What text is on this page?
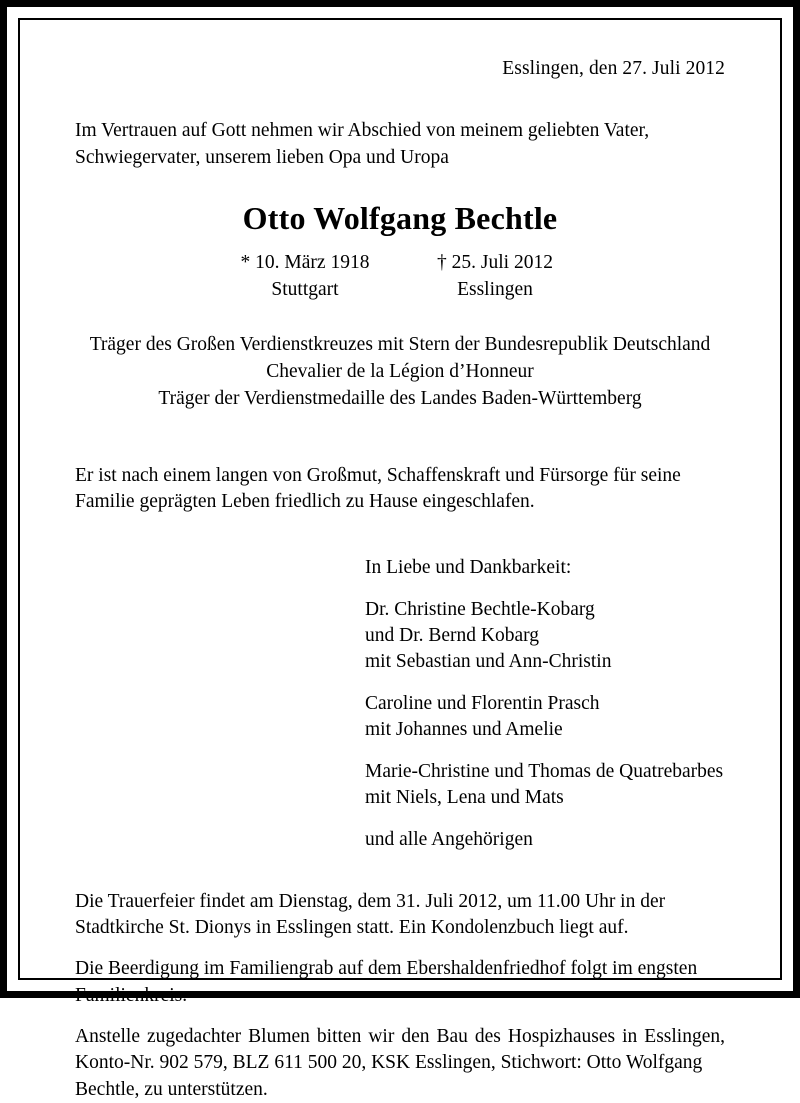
Esslingen, den 27. Juli 2012
Im Vertrauen auf Gott nehmen wir Abschied von meinem geliebten Vater,
Schwiegervater, unserem lieben Opa und Uropa
Otto Wolfgang Bechtle
* 10. März 1918
Stuttgart
† 25. Juli 2012
Esslingen
Träger des Großen Verdienstkreuzes mit Stern der Bundesrepublik Deutschland
Chevalier de la Légion d’Honneur
Träger der Verdienstmedaille des Landes Baden-Württemberg
Er ist nach einem langen von Großmut, Schaffenskraft und Fürsorge für seine
Familie geprägten Leben friedlich zu Hause eingeschlafen.
In Liebe und Dankbarkeit:
Dr. Christine Bechtle-Kobarg
und Dr. Bernd Kobarg
mit Sebastian und Ann-Christin
Caroline und Florentin Prasch
mit Johannes und Amelie
Marie-Christine und Thomas de Quatrebarbes
mit Niels, Lena und Mats
und alle Angehörigen

Die Trauerfeier findet am Dienstag, dem 31. Juli 2012, um 11.00 Uhr in der
Stadtkirche St. Dionys in Esslingen statt. Ein Kondolenzbuch liegt auf.

Die Beerdigung im Familiengrab auf dem Ebershaldenfriedhof folgt im engsten
Familienkreis.

Anstelle zugedachter Blumen bitten wir den Bau des Hospizhauses in Esslingen, Konto-Nr. 902 579, BLZ 611 500 20, KSK Esslingen, Stichwort: Otto Wolfgang
Bechtle, zu unterstützen.
